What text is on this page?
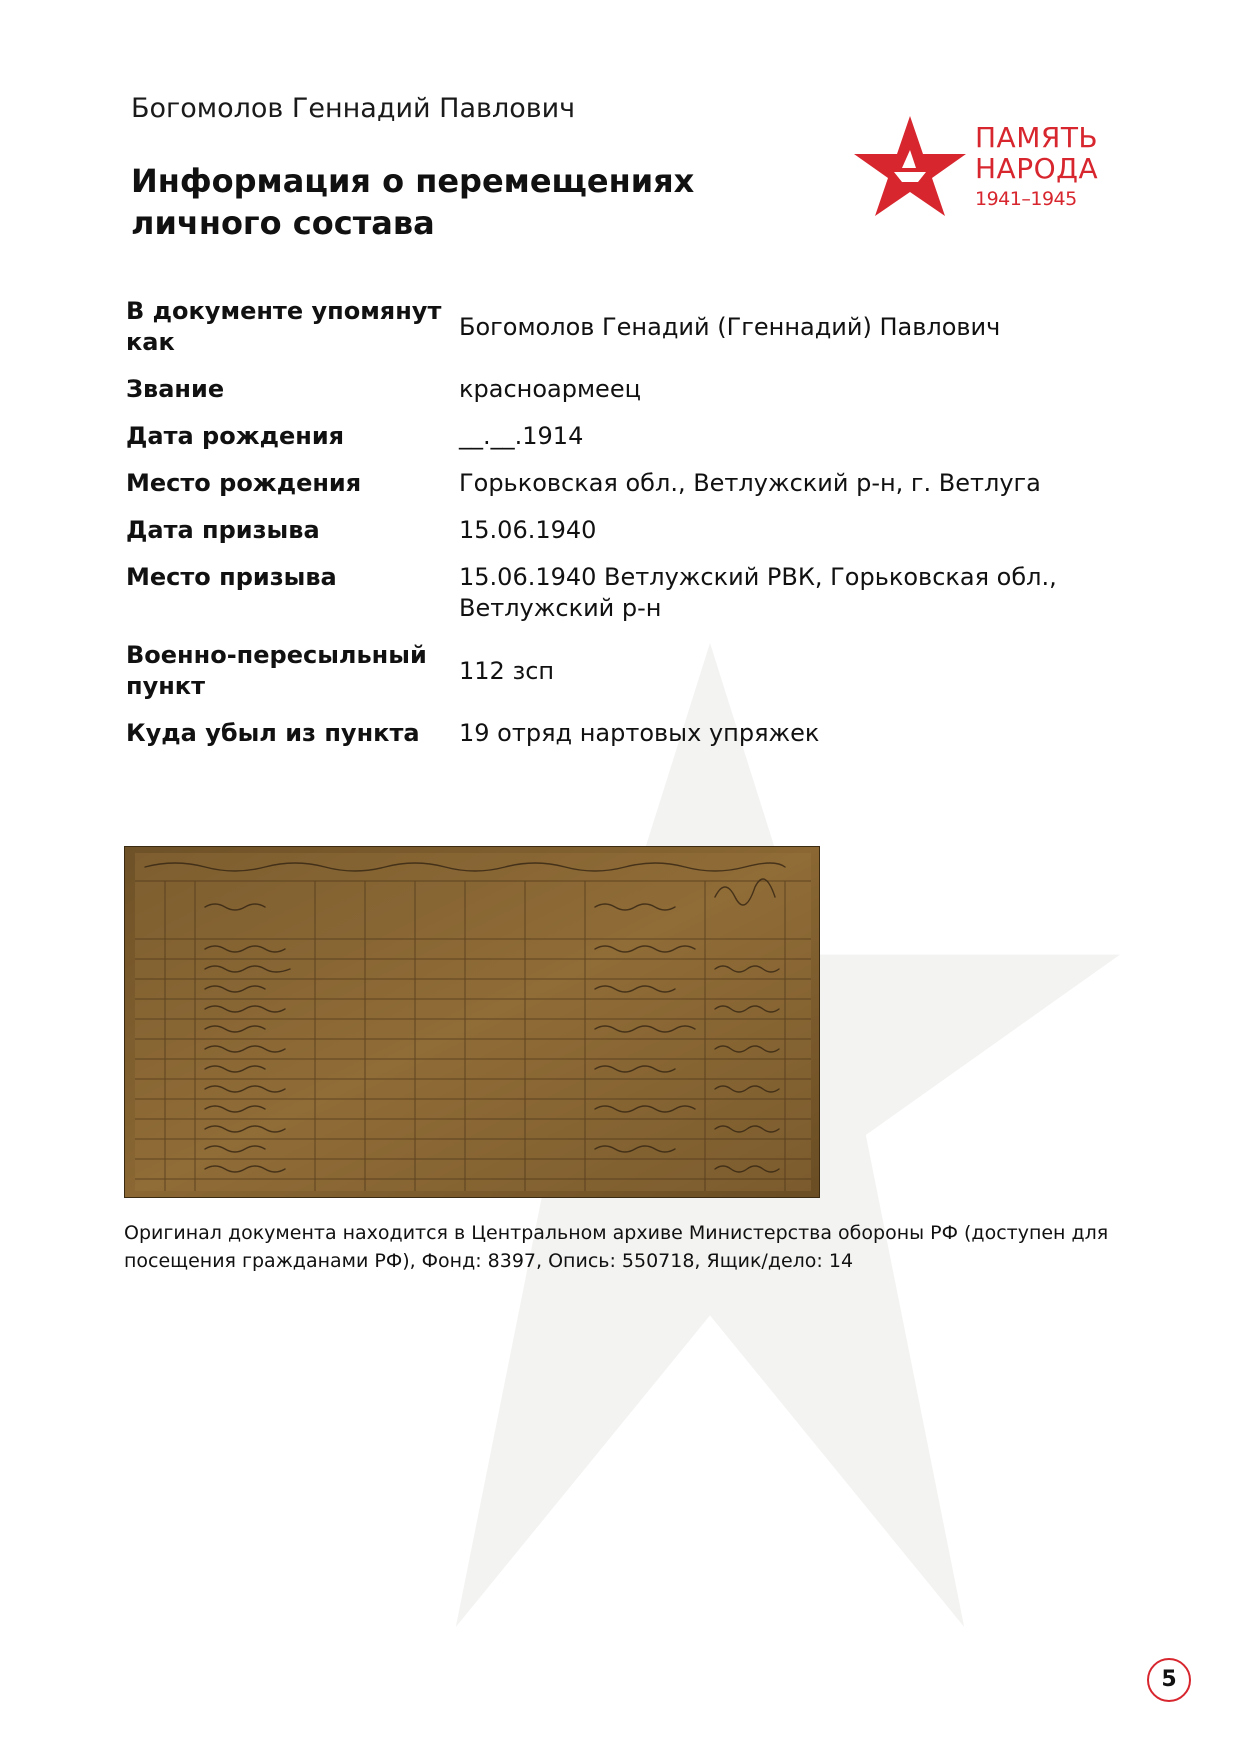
Богомолов Геннадий Павлович
Информация о перемещениях личного состава
ПАМЯТЬ
НАРОДА
1941–1945
В документе упомянут как	Богомолов Генадий (Ггеннадий) Павлович
Звание	красноармеец
Дата рождения	__.__.1914
Место рождения	Горьковская обл., Ветлужский р-н, г. Ветлуга
Дата призыва	15.06.1940
Место призыва	15.06.1940 Ветлужский РВК, Горьковская обл., Ветлужский р-н
Военно-пересыльный пункт	112 зсп
Куда убыл из пункта	19 отряд нартовых упряжек
Оригинал документа находится в Центральном архиве Министерства обороны РФ (доступен для посещения гражданами РФ), Фонд: 8397, Опись: 550718, Ящик/дело: 14
5
